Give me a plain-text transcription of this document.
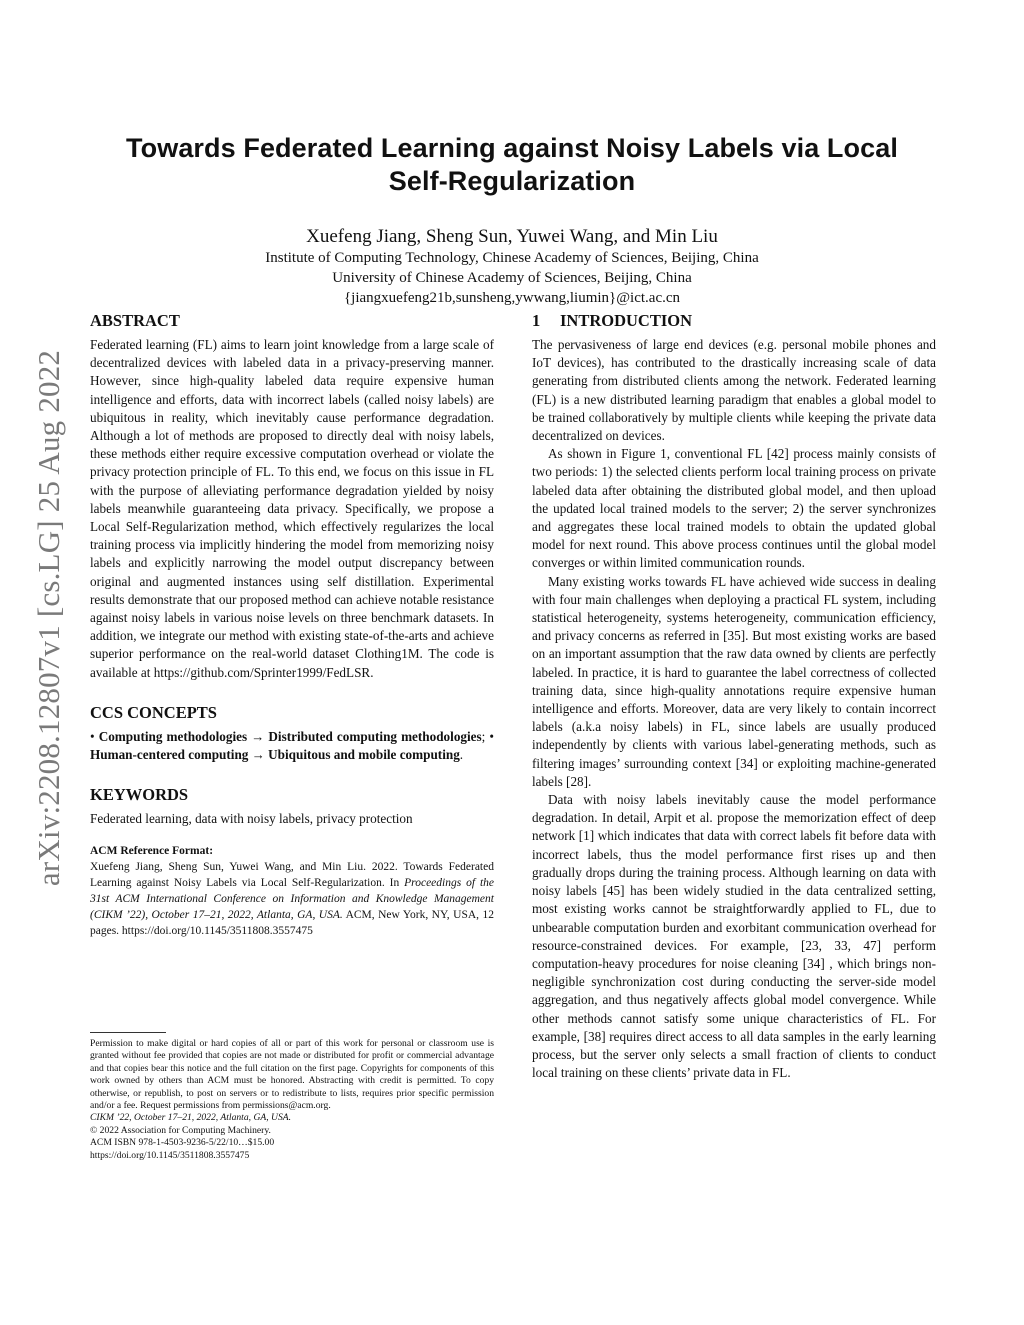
arXiv:2208.12807v1 [cs.LG] 25 Aug 2022
Towards Federated Learning against Noisy Labels via Local
Self-Regularization
Xuefeng Jiang, Sheng Sun, Yuwei Wang, and Min Liu
Institute of Computing Technology, Chinese Academy of Sciences, Beijing, China
University of Chinese Academy of Sciences, Beijing, China
{jiangxuefeng21b,sunsheng,ywwang,liumin}@ict.ac.cn
ABSTRACT

Federated learning (FL) aims to learn joint knowledge from a large scale of decentralized devices with labeled data in a privacy-preserving manner. However, since high-quality labeled data require expensive human intelligence and efforts, data with incorrect labels (called noisy labels) are ubiquitous in reality, which inevitably cause performance degradation. Although a lot of methods are proposed to directly deal with noisy labels, these methods either require excessive computation overhead or violate the privacy protection principle of FL. To this end, we focus on this issue in FL with the purpose of alleviating performance degradation yielded by noisy labels meanwhile guaranteeing data privacy. Specifically, we propose a Local Self-Regularization method, which effectively regularizes the local training process via implicitly hindering the model from memorizing noisy labels and explicitly narrowing the model output discrepancy between original and augmented instances using self distillation. Experimental results demonstrate that our proposed method can achieve notable resistance against noisy labels in various noise levels on three benchmark datasets. In addition, we integrate our method with existing state-of-the-arts and achieve superior performance on the real-world dataset Clothing1M. The code is available at https://github.com/Sprinter1999/FedLSR.

CCS CONCEPTS

• Computing methodologies → Distributed computing methodologies; • Human-centered computing → Ubiquitous and mobile computing.

KEYWORDS

Federated learning, data with noisy labels, privacy protection

ACM Reference Format:

Xuefeng Jiang, Sheng Sun, Yuwei Wang, and Min Liu. 2022. Towards Federated Learning against Noisy Labels via Local Self-Regularization. In Proceedings of the 31st ACM International Conference on Information and Knowledge Management (CIKM ’22), October 17–21, 2022, Atlanta, GA, USA. ACM, New York, NY, USA, 12 pages. https://doi.org/10.1145/3511808.3557475

Permission to make digital or hard copies of all or part of this work for personal or classroom use is granted without fee provided that copies are not made or distributed for profit or commercial advantage and that copies bear this notice and the full citation on the first page. Copyrights for components of this work owned by others than ACM must be honored. Abstracting with credit is permitted. To copy otherwise, or republish, to post on servers or to redistribute to lists, requires prior specific permission and/or a fee. Request permissions from permissions@acm.org.

CIKM ’22, October 17–21, 2022, Atlanta, GA, USA.
© 2022 Association for Computing Machinery.
ACM ISBN 978-1-4503-9236-5/22/10…$15.00
https://doi.org/10.1145/3511808.3557475
1 INTRODUCTION

The pervasiveness of large end devices (e.g. personal mobile phones and IoT devices), has contributed to the drastically increasing scale of data generating from distributed clients among the network. Federated learning (FL) is a new distributed learning paradigm that enables a global model to be trained collaboratively by multiple clients while keeping the private data decentralized on devices.

As shown in Figure 1, conventional FL [42] process mainly consists of two periods: 1) the selected clients perform local training process on private labeled data after obtaining the distributed global model, and then upload the updated local trained models to the server; 2) the server synchronizes and aggregates these local trained models to obtain the updated global model for next round. This above process continues until the global model converges or within limited communication rounds.

Many existing works towards FL have achieved wide success in dealing with four main challenges when deploying a practical FL system, including statistical heterogeneity, systems heterogeneity, communication efficiency, and privacy concerns as referred in [35]. But most existing works are based on an important assumption that the raw data owned by clients are perfectly labeled. In practice, it is hard to guarantee the label correctness of collected training data, since high-quality annotations require expensive human intelligence and efforts. Moreover, data are very likely to contain incorrect labels (a.k.a noisy labels) in FL, since labels are usually produced independently by clients with various label-generating methods, such as filtering images’ surrounding context [34] or exploiting machine-generated labels [28].

Data with noisy labels inevitably cause the model performance degradation. In detail, Arpit et al. propose the memorization effect of deep network [1] which indicates that data with correct labels fit before data with incorrect labels, thus the model performance first rises up and then gradually drops during the training process. Although learning on data with noisy labels [45] has been widely studied in the data centralized setting, most existing works cannot be straightforwardly applied to FL, due to unbearable computation burden and exorbitant communication overhead for resource-constrained devices. For example, [23, 33, 47] perform computation-heavy procedures for noise cleaning [34] , which brings non-negligible synchronization cost during conducting the server-side model aggregation, and thus negatively affects global model convergence. While other methods cannot satisfy some unique characteristics of FL. For example, [38] requires direct access to all data samples in the early learning process, but the server only selects a small fraction of clients to conduct local training on these clients’ private data in FL.
